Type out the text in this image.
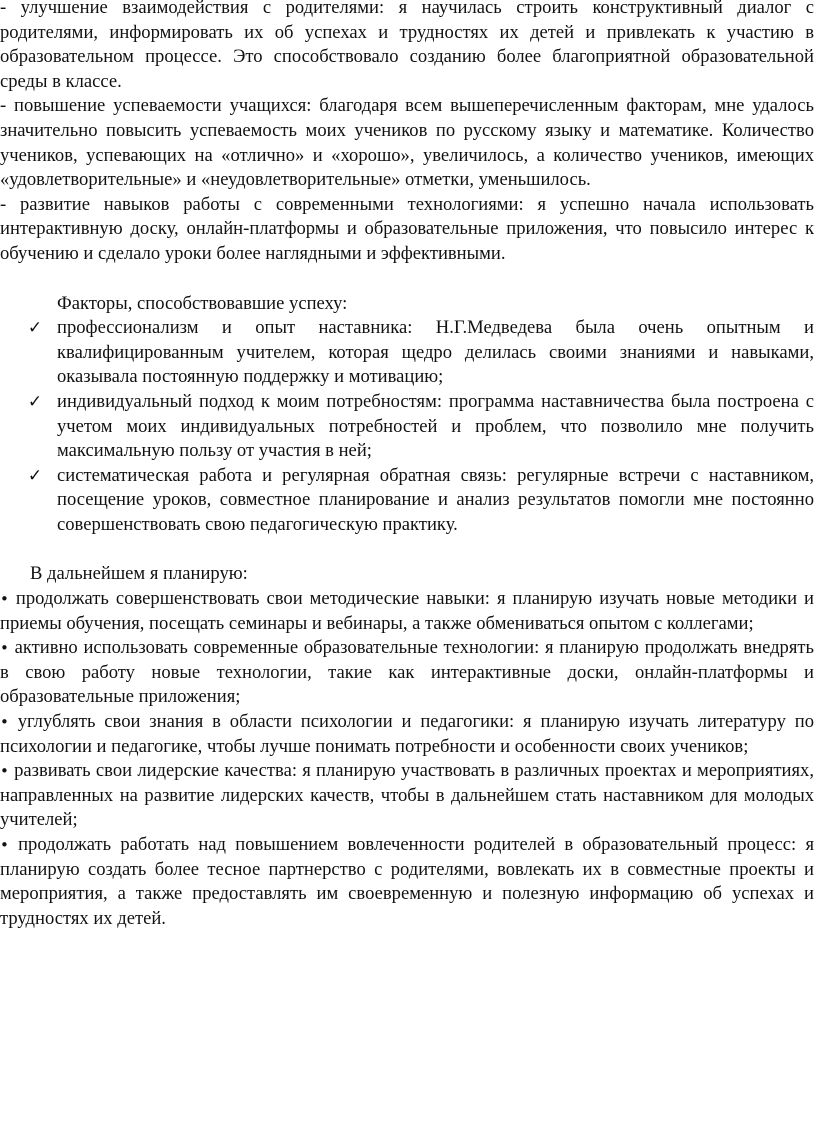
- улучшение взаимодействия с родителями: я научилась строить конструктивный диалог с родителями, информировать их об успехах и трудностях их детей и привлекать к участию в образовательном процессе. Это способствовало созданию более благоприятной образовательной среды в классе.

- повышение успеваемости учащихся: благодаря всем вышеперечисленным факторам, мне удалось значительно повысить успеваемость моих учеников по русскому языку и математике. Количество учеников, успевающих на «отлично» и «хорошо», увеличилось, а количество учеников, имеющих «удовлетворительные» и «неудовлетворительные» отметки, уменьшилось.

- развитие навыков работы с современными технологиями: я успешно начала использовать интерактивную доску, онлайн-платформы и образовательные приложения, что повысило интерес к обучению и сделало уроки более наглядными и эффективными.

Факторы, способствовавшие успеху:

✓ профессионализм и опыт наставника: Н.Г.Медведева была очень опытным и квалифицированным учителем, которая щедро делилась своими знаниями и навыками, оказывала постоянную поддержку и мотивацию;
✓ индивидуальный подход к моим потребностям: программа наставничества была построена с учетом моих индивидуальных потребностей и проблем, что позволило мне получить максимальную пользу от участия в ней;
✓ систематическая работа и регулярная обратная связь: регулярные встречи с наставником, посещение уроков, совместное планирование и анализ результатов помогли мне постоянно совершенствовать свою педагогическую практику.

В дальнейшем я планирую:

• продолжать совершенствовать свои методические навыки: я планирую изучать новые методики и приемы обучения, посещать семинары и вебинары, а также обмениваться опытом с коллегами;

• активно использовать современные образовательные технологии: я планирую продолжать внедрять в свою работу новые технологии, такие как интерактивные доски, онлайн-платформы и образовательные приложения;

• углублять свои знания в области психологии и педагогики: я планирую изучать литературу по психологии и педагогике, чтобы лучше понимать потребности и особенности своих учеников;

• развивать свои лидерские качества: я планирую участвовать в различных проектах и мероприятиях, направленных на развитие лидерских качеств, чтобы в дальнейшем стать наставником для молодых учителей;

• продолжать работать над повышением вовлеченности родителей в образовательный процесс: я планирую создать более тесное партнерство с родителями, вовлекать их в совместные проекты и мероприятия, а также предоставлять им своевременную и полезную информацию об успехах и трудностях их детей.
